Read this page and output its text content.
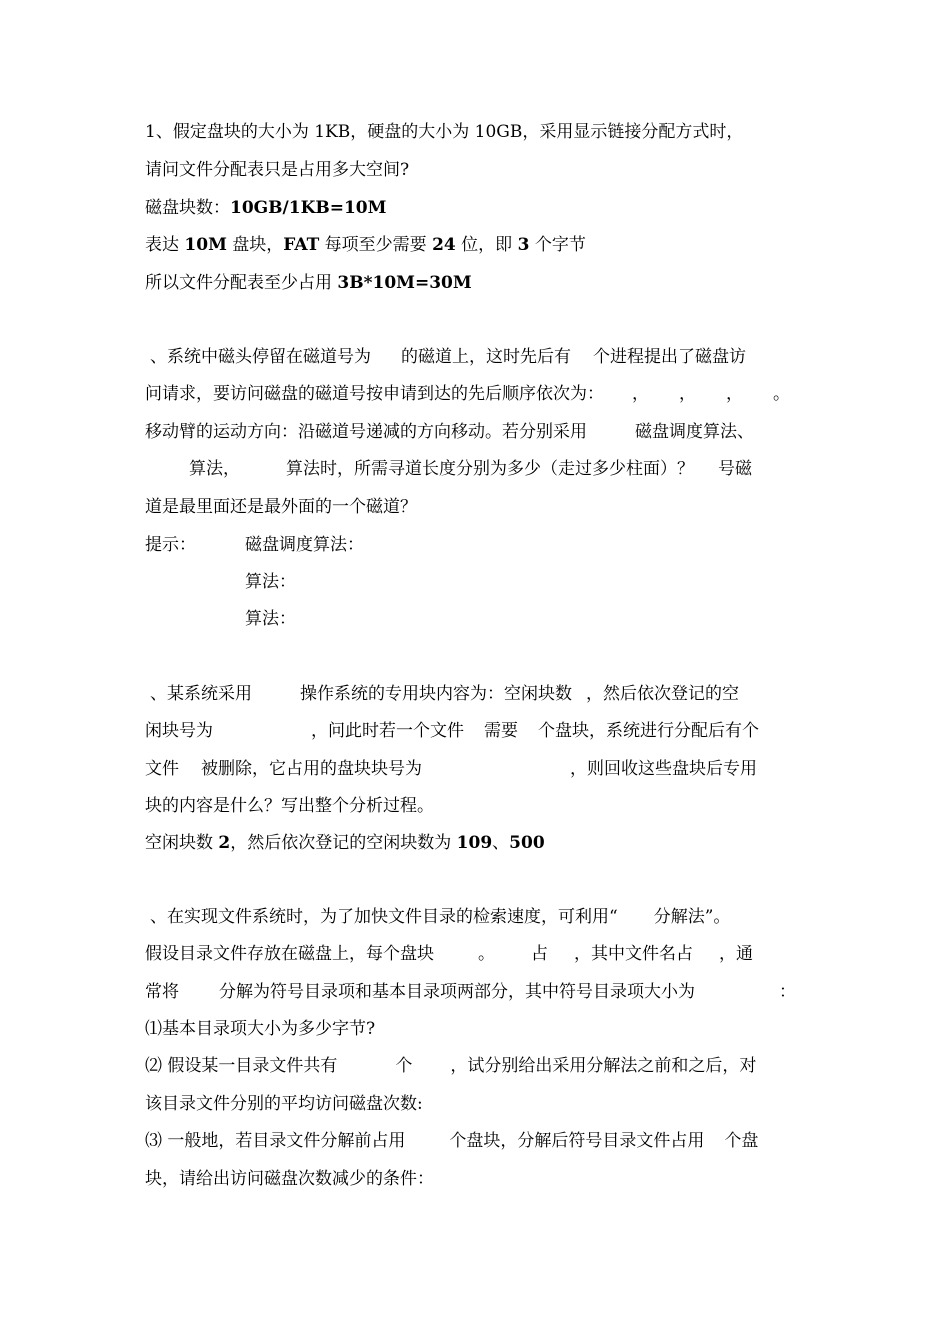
1、假定盘块的大小为 1KB，硬盘的大小为 10GB，采用显示链接分配方式时，
请问文件分配表只是占用多大空间?
磁盘块数：10GB/1KB=10M
表达 10M 盘块，FAT 每项至少需要 24 位，即 3 个字节
所以文件分配表至少占用 3B*10M=30M
、系统中磁头停留在磁道号为 的磁道上，这时先后有 个进程提出了磁盘访
问请求，要访问磁盘的磁道号按申请到达的先后顺序依次为： ， ， ， 。
移动臂的运动方向：沿磁道号递减的方向移动。若分别采用	磁盘调度算法、
算法，	算法时，所需寻道长度分别为多少（走过多少柱面）？ 号磁
道是最里面还是最外面的一个磁道？
提示：	磁盘调度算法：
算法：
算法：
、某系统采用	操作系统的专用块内容为：空闲块数 ，然后依次登记的空
闲块号为	，问此时若一个文件 需要 个盘块，系统进行分配后有个
文件 被删除，它占用的盘块块号为	，则回收这些盘块后专用
块的内容是什么？写出整个分析过程。
空闲块数 2，然后依次登记的空闲块数为 109、500
、在实现文件系统时，为了加快文件目录的检索速度，可利用“ 分解法”。
假设目录文件存放在磁盘上，每个盘块	。 占 ，其中文件名占 ，通
常将 分解为符号目录项和基本目录项两部分，其中符号目录项大小为	：
⑴基本目录项大小为多少字节?
⑵ 假设某一目录文件共有	个 ，试分别给出采用分解法之前和之后，对
该目录文件分别的平均访问磁盘次数:
⑶ 一般地，若目录文件分解前占用	个盘块，分解后符号目录文件占用 个盘
块，请给出访问磁盘次数减少的条件：
